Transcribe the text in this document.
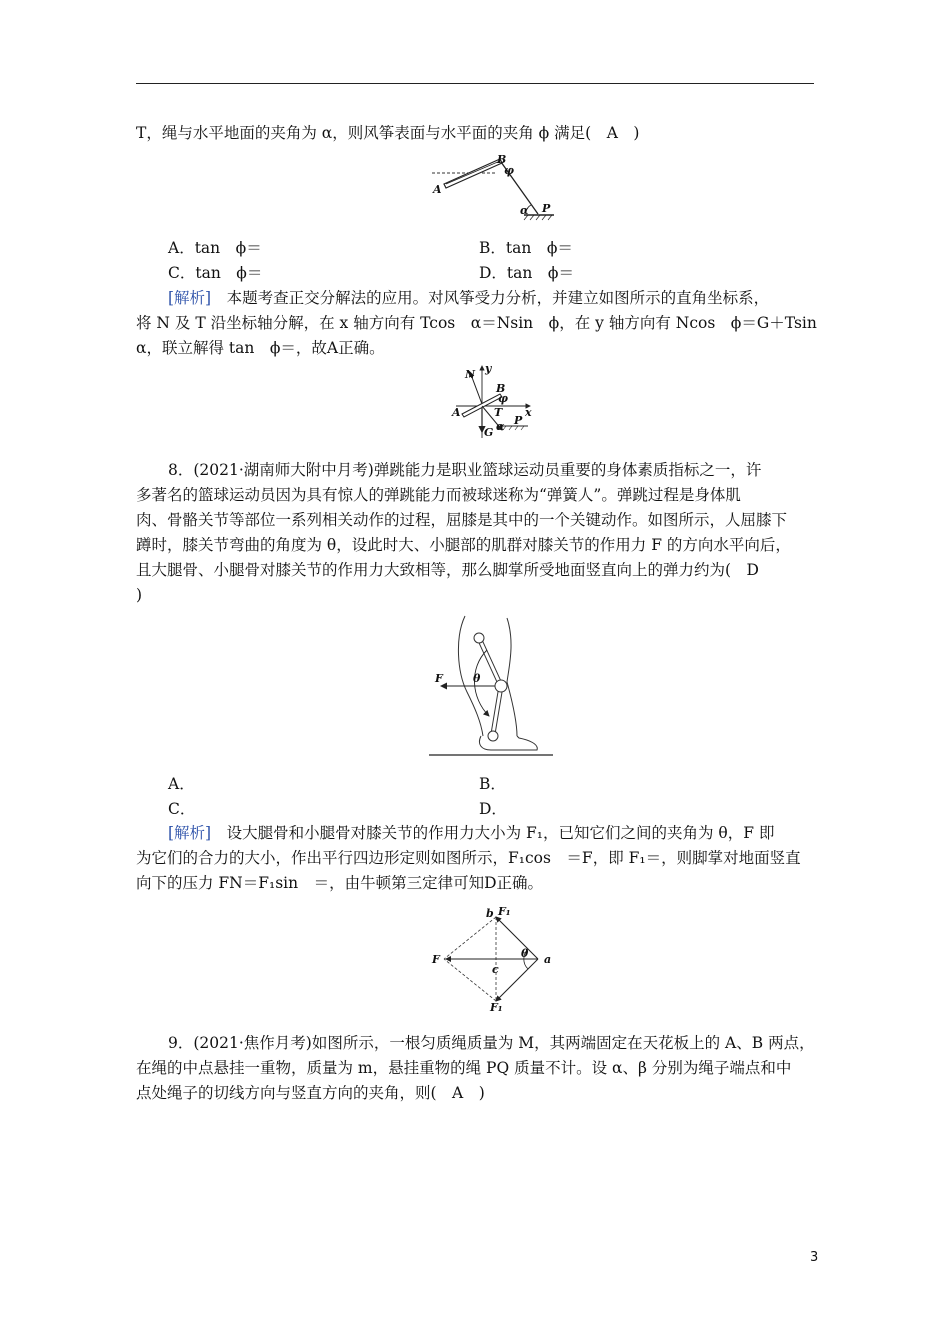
T，绳与水平地面的夹角为 α，则风筝表面与水平面的夹角 ϕ 满足(　A　)
B
φ
A
α P
A．tan　ϕ＝	B．tan　ϕ＝
C．tan　ϕ＝	D．tan　ϕ＝
[解析]　本题考查正交分解法的应用。对风筝受力分析，并建立如图所示的直角坐标系，
将 N 及 T 沿坐标轴分解，在 x 轴方向有 Tcos　α＝Nsin　ϕ，在 y 轴方向有 Ncos　ϕ＝G＋Tsin
α，联立解得 tan　ϕ＝，故A正确。
N y
B
φ
A	T x
G α P
8．(2021·湖南师大附中月考)弹跳能力是职业篮球运动员重要的身体素质指标之一，许
多著名的篮球运动员因为具有惊人的弹跳能力而被球迷称为“弹簧人”。弹跳过程是身体肌
肉、骨骼关节等部位一系列相关动作的过程，屈膝是其中的一个关键动作。如图所示，人屈膝下
蹲时，膝关节弯曲的角度为 θ，设此时大、小腿部的肌群对膝关节的作用力 F 的方向水平向后，
且大腿骨、小腿骨对膝关节的作用力大致相等，那么脚掌所受地面竖直向上的弹力约为(　D
)
F	θ
A．	B．
C．	D．
[解析]　设大腿骨和小腿骨对膝关节的作用力大小为 F₁，已知它们之间的夹角为 θ，F 即
为它们的合力的大小，作出平行四边形定则如图所示，F₁cos　＝F，即 F₁＝，则脚掌对地面竖直
向下的压力 FN＝F₁sin　＝，由牛顿第三定律可知D正确。
b F₁
F
c
θ a
F₁
9．(2021·焦作月考)如图所示，一根匀质绳质量为 M，其两端固定在天花板上的 A、B 两点，
在绳的中点悬挂一重物，质量为 m，悬挂重物的绳 PQ 质量不计。设 α、β 分别为绳子端点和中
点处绳子的切线方向与竖直方向的夹角，则(　A　)
3
